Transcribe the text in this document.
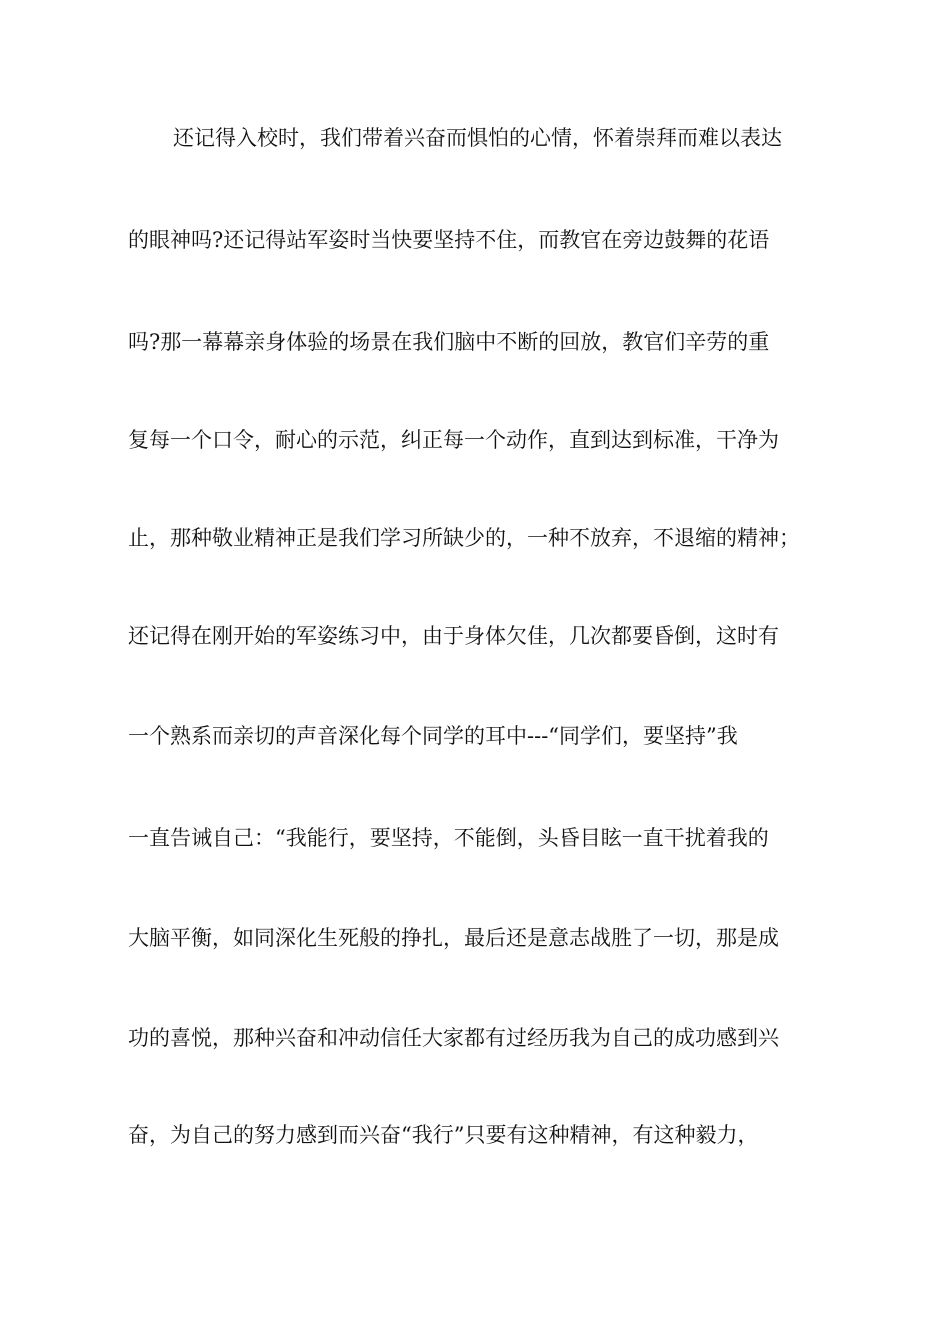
还记得入校时，我们带着兴奋而惧怕的心情，怀着崇拜而难以表达
的眼神吗?还记得站军姿时当快要坚持不住，而教官在旁边鼓舞的花语
吗?那一幕幕亲身体验的场景在我们脑中不断的回放，教官们辛劳的重
复每一个口令，耐心的示范，纠正每一个动作，直到达到标准，干净为
止，那种敬业精神正是我们学习所缺少的，一种不放弃，不退缩的精神；
还记得在刚开始的军姿练习中，由于身体欠佳，几次都要昏倒，这时有
一个熟系而亲切的声音深化每个同学的耳中---“同学们，要坚持”我
一直告诫自己：“我能行，要坚持，不能倒，头昏目眩一直干扰着我的
大脑平衡，如同深化生死般的挣扎，最后还是意志战胜了一切，那是成
功的喜悦，那种兴奋和冲动信任大家都有过经历我为自己的成功感到兴
奋，为自己的努力感到而兴奋“我行”只要有这种精神，有这种毅力，
